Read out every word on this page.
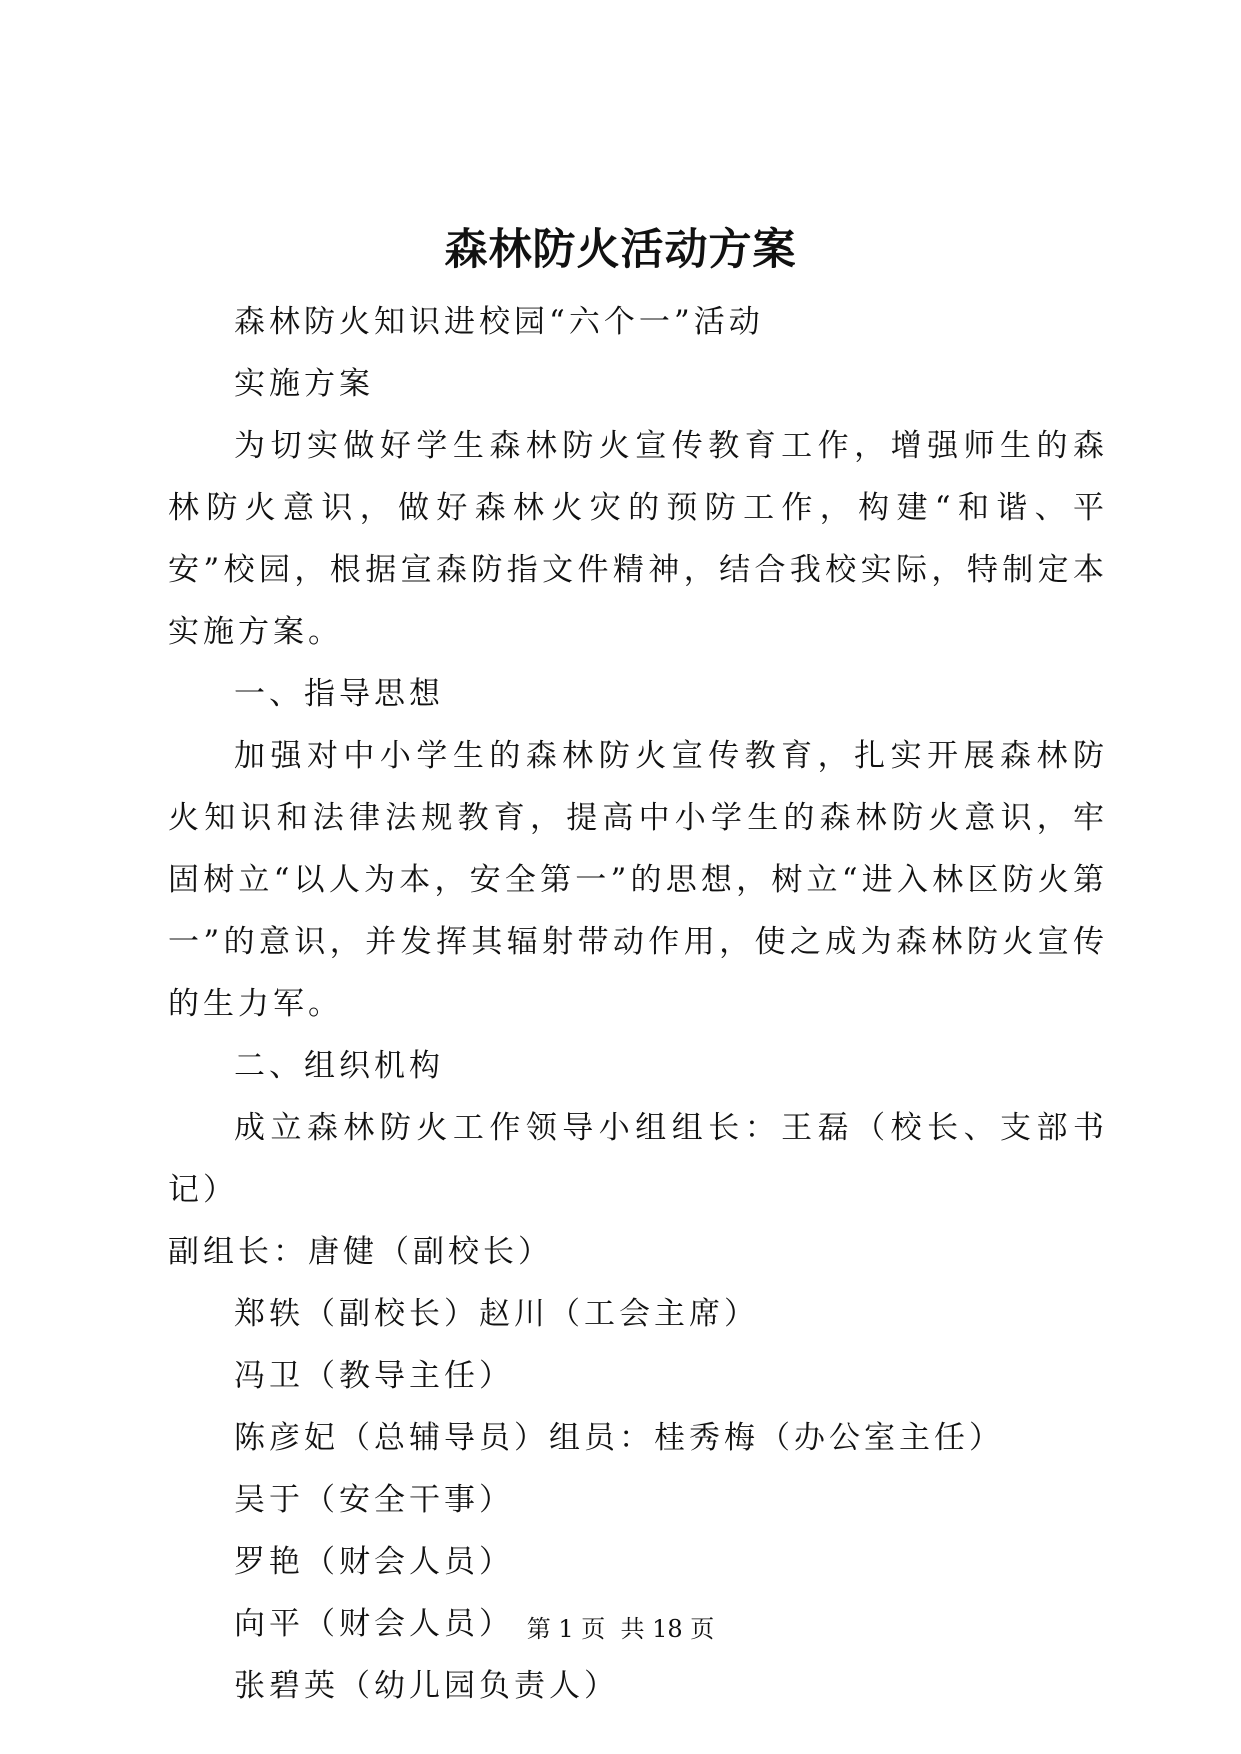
森林防火活动方案

森林防火知识进校园“六个一”活动

实施方案

为切实做好学生森林防火宣传教育工作，增强师生的森林防火意识，做好森林火灾的预防工作，构建“和谐、平安”校园，根据宣森防指文件精神，结合我校实际，特制定本实施方案。

一、指导思想

加强对中小学生的森林防火宣传教育，扎实开展森林防火知识和法律法规教育，提高中小学生的森林防火意识，牢固树立“以人为本，安全第一”的思想，树立“进入林区防火第一”的意识，并发挥其辐射带动作用，使之成为森林防火宣传的生力军。

二、组织机构

成立森林防火工作领导小组组长：王磊（校长、支部书记）

副组长：唐健（副校长）

郑轶（副校长）赵川（工会主席）

冯卫（教导主任）

陈彦妃（总辅导员）组员：桂秀梅（办公室主任）

吴于（安全干事）

罗艳（财会人员）

向平（财会人员）

张碧英（幼儿园负责人）

第 1 页  共 18 页
